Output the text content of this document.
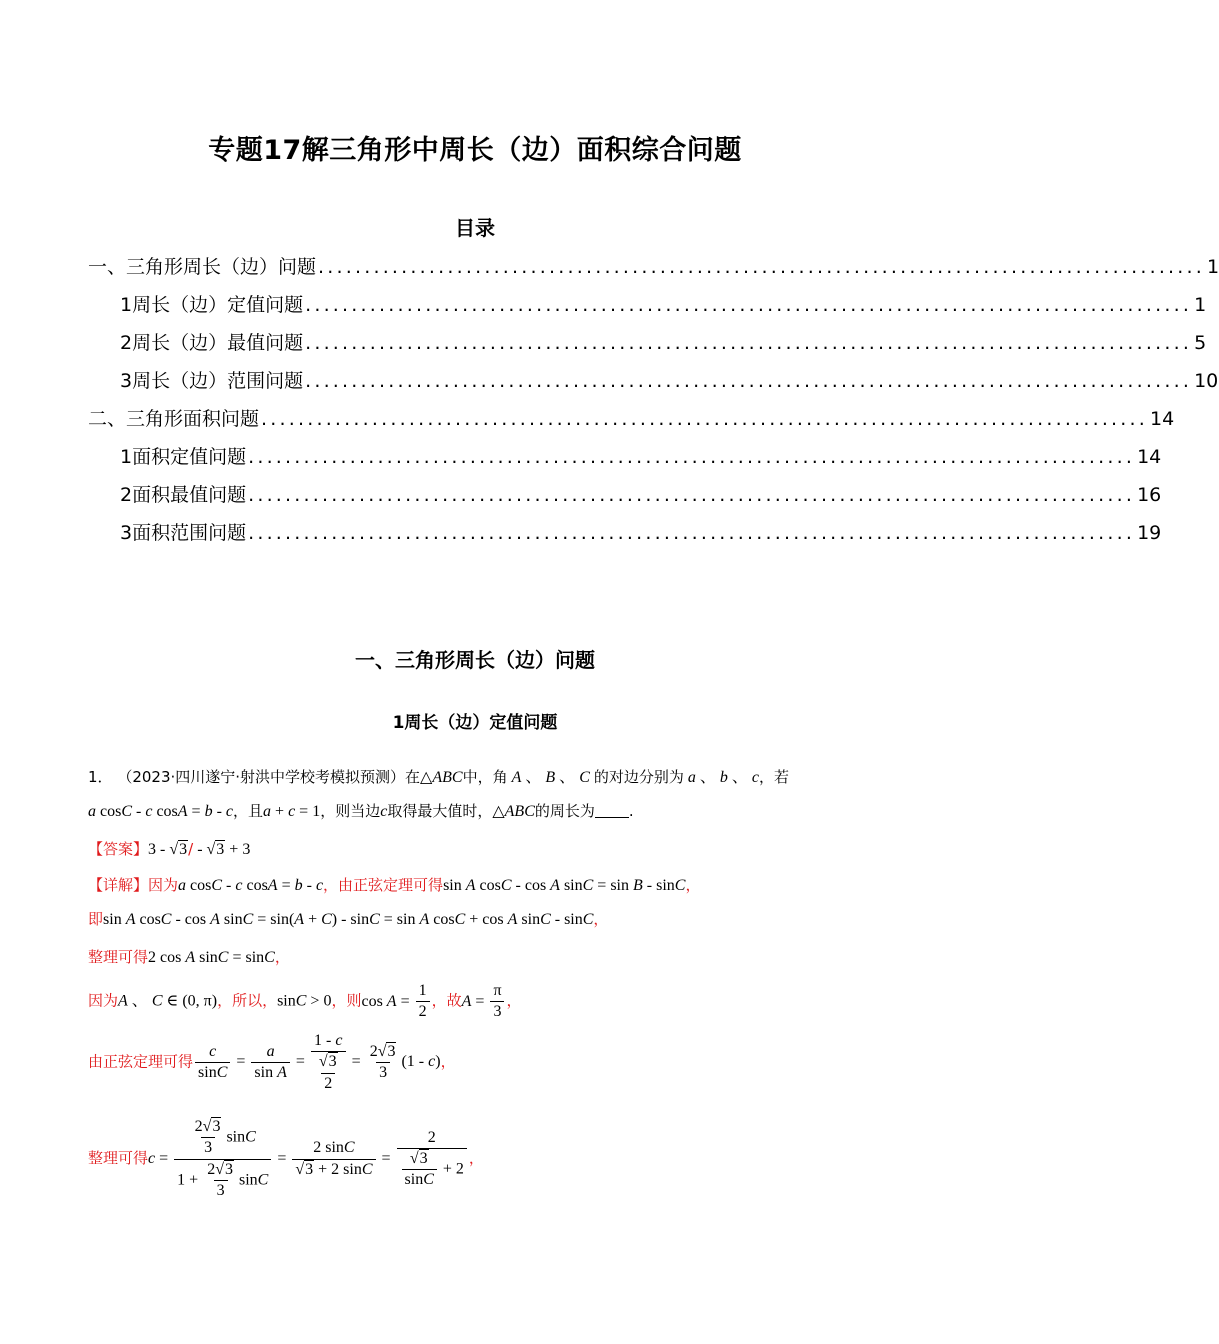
专题17解三角形中周长（边）面积综合问题
目录
一、三角形周长（边）问题 ................................................................................................ 1
1周长（边）定值问题 ................................................................................................ 1
2周长（边）最值问题 ................................................................................................ 5
3周长（边）范围问题 ................................................................................................ 10
二、三角形面积问题 ................................................................................................ 14
1面积定值问题 ................................................................................................ 14
2面积最值问题 ................................................................................................ 16
3面积范围问题 ................................................................................................ 19
一、三角形周长（边）问题
1周长（边）定值问题
1． （2023·四川遂宁·射洪中学校考模拟预测）在△ABC中，角 A 、 B 、 C 的对边分别为 a 、 b 、 c，若
a cosC - c cosA = b - c，且a + c = 1，则当边c取得最大值时，△ABC的周长为 .
【答案】3 - √3/ - √3 + 3
【详解】因为a cosC - c cosA = b - c，由正弦定理可得sin A cosC - cos A sinC = sin B - sinC，
即sin A cosC - cos A sinC = sin(A + C) - sinC = sin A cosC + cos A sinC - sinC，
整理可得2 cos A sinC = sinC，
因为A 、 C ∈ (0, π)，所以，sinC > 0，则$\cos A = \frac{1}{2}$ ，故$A = \frac{\pi}{3}$ ，
由正弦定理可得 $\frac{c}{\sin C} = \frac{a}{\text{sin A}} = \frac{1 - c}{\frac{√3}{2}} = \frac{2√3}{3} (1 - c)$，
整理可得$c = \frac{\frac{2√3}{3} \sin C}{1 + \frac{2√3}{3} \sin C} = \frac{2 \sin C}{√3 + 2 \sin C} = \frac{2}{\frac{√3}{\sin C} + 2}$ ，
